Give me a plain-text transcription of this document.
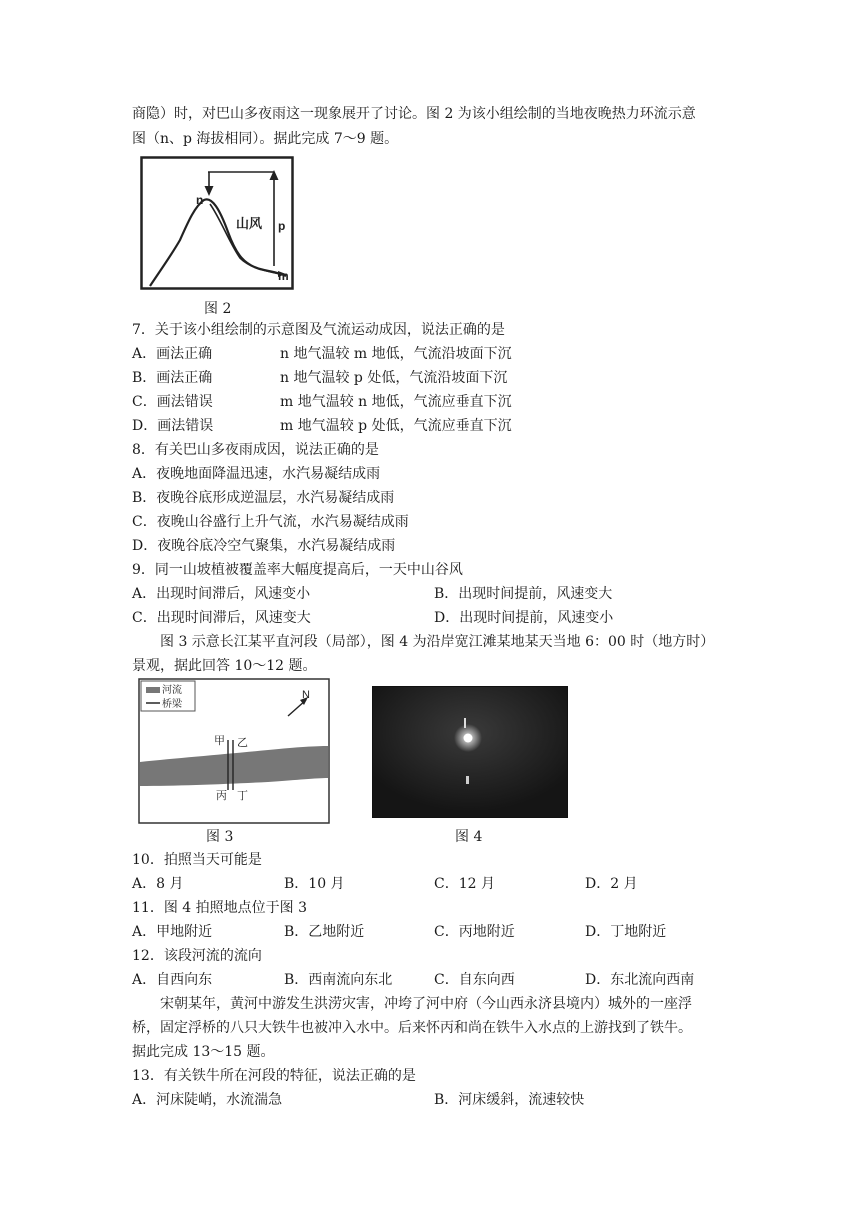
商隐）时，对巴山多夜雨这一现象展开了讨论。图 2 为该小组绘制的当地夜晚热力环流示意
图（n、p 海拔相同）。据此完成 7～9 题。
n
p
m
山风
图 2
7．关于该小组绘制的示意图及气流运动成因，说法正确的是
A．画法正确	n 地气温较 m 地低，气流沿坡面下沉
B．画法正确	n 地气温较 p 处低，气流沿坡面下沉
C．画法错误	m 地气温较 n 地低，气流应垂直下沉
D．画法错误	m 地气温较 p 处低，气流应垂直下沉
8．有关巴山多夜雨成因，说法正确的是
A．夜晚地面降温迅速，水汽易凝结成雨
B．夜晚谷底形成逆温层，水汽易凝结成雨
C．夜晚山谷盛行上升气流，水汽易凝结成雨
D．夜晚谷底冷空气聚集，水汽易凝结成雨
9．同一山坡植被覆盖率大幅度提高后，一天中山谷风
A．出现时间滞后，风速变小	B．出现时间提前，风速变大
C．出现时间滞后，风速变大	D．出现时间提前，风速变小
图 3 示意长江某平直河段（局部），图 4 为沿岸宽江滩某地某天当地 6：00 时（地方时）
景观，据此回答 10～12 题。
河流
桥梁
N
甲 乙
丙 丁
图 3	图 4
10．拍照当天可能是
A．8 月	B．10 月	C．12 月	D．2 月
11．图 4 拍照地点位于图 3
A．甲地附近	B．乙地附近	C．丙地附近	D．丁地附近
12．该段河流的流向
A．自西向东	B．西南流向东北	C．自东向西	D．东北流向西南
宋朝某年，黄河中游发生洪涝灾害，冲垮了河中府（今山西永济县境内）城外的一座浮
桥，固定浮桥的八只大铁牛也被冲入水中。后来怀丙和尚在铁牛入水点的上游找到了铁牛。
据此完成 13～15 题。
13．有关铁牛所在河段的特征，说法正确的是
A．河床陡峭，水流湍急	B．河床缓斜，流速较快
